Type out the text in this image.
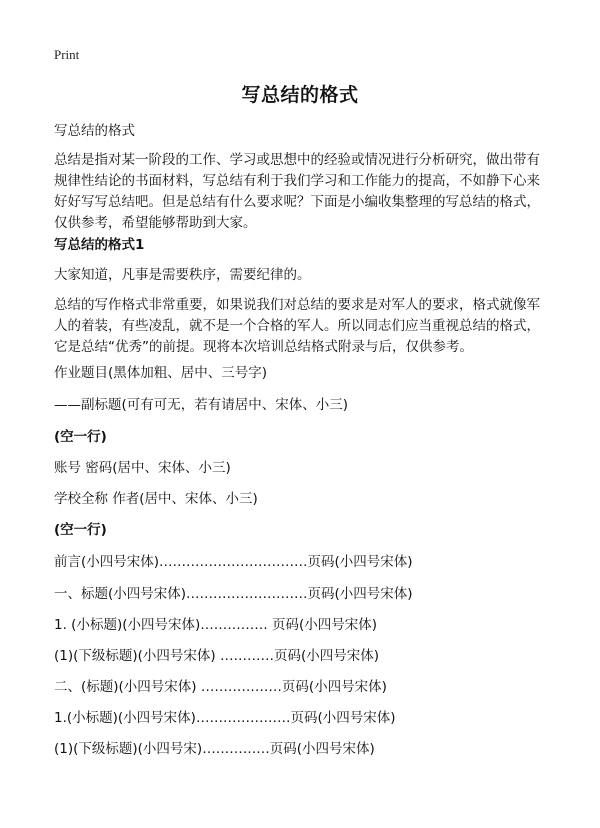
Print
写总结的格式

写总结的格式

总结是指对某一阶段的工作、学习或思想中的经验或情况进行分析研究，做出带有
规律性结论的书面材料，写总结有利于我们学习和工作能力的提高，不如静下心来
好好写写总结吧。但是总结有什么要求呢？下面是小编收集整理的写总结的格式，
仅供参考，希望能够帮助到大家。

写总结的格式1

大家知道，凡事是需要秩序，需要纪律的。

总结的写作格式非常重要，如果说我们对总结的要求是对军人的要求，格式就像军
人的着装，有些凌乱，就不是一个合格的军人。所以同志们应当重视总结的格式，
它是总结“优秀”的前提。现将本次培训总结格式附录与后，仅供参考。

作业题目(黑体加粗、居中、三号字)

——副标题(可有可无，若有请居中、宋体、小三)

(空一行)

账号 密码(居中、宋体、小三)

学校全称 作者(居中、宋体、小三)

(空一行)

前言(小四号宋体)……………………………页码(小四号宋体)

一、标题(小四号宋体)………………………页码(小四号宋体)

1. (小标题)(小四号宋体)…………… 页码(小四号宋体)

(1)(下级标题)(小四号宋体) …………页码(小四号宋体)

二、(标题)(小四号宋体) ………………页码(小四号宋体)

1.(小标题)(小四号宋体)…………………页码(小四号宋体)

(1)(下级标题)(小四号宋)……………页码(小四号宋体)
